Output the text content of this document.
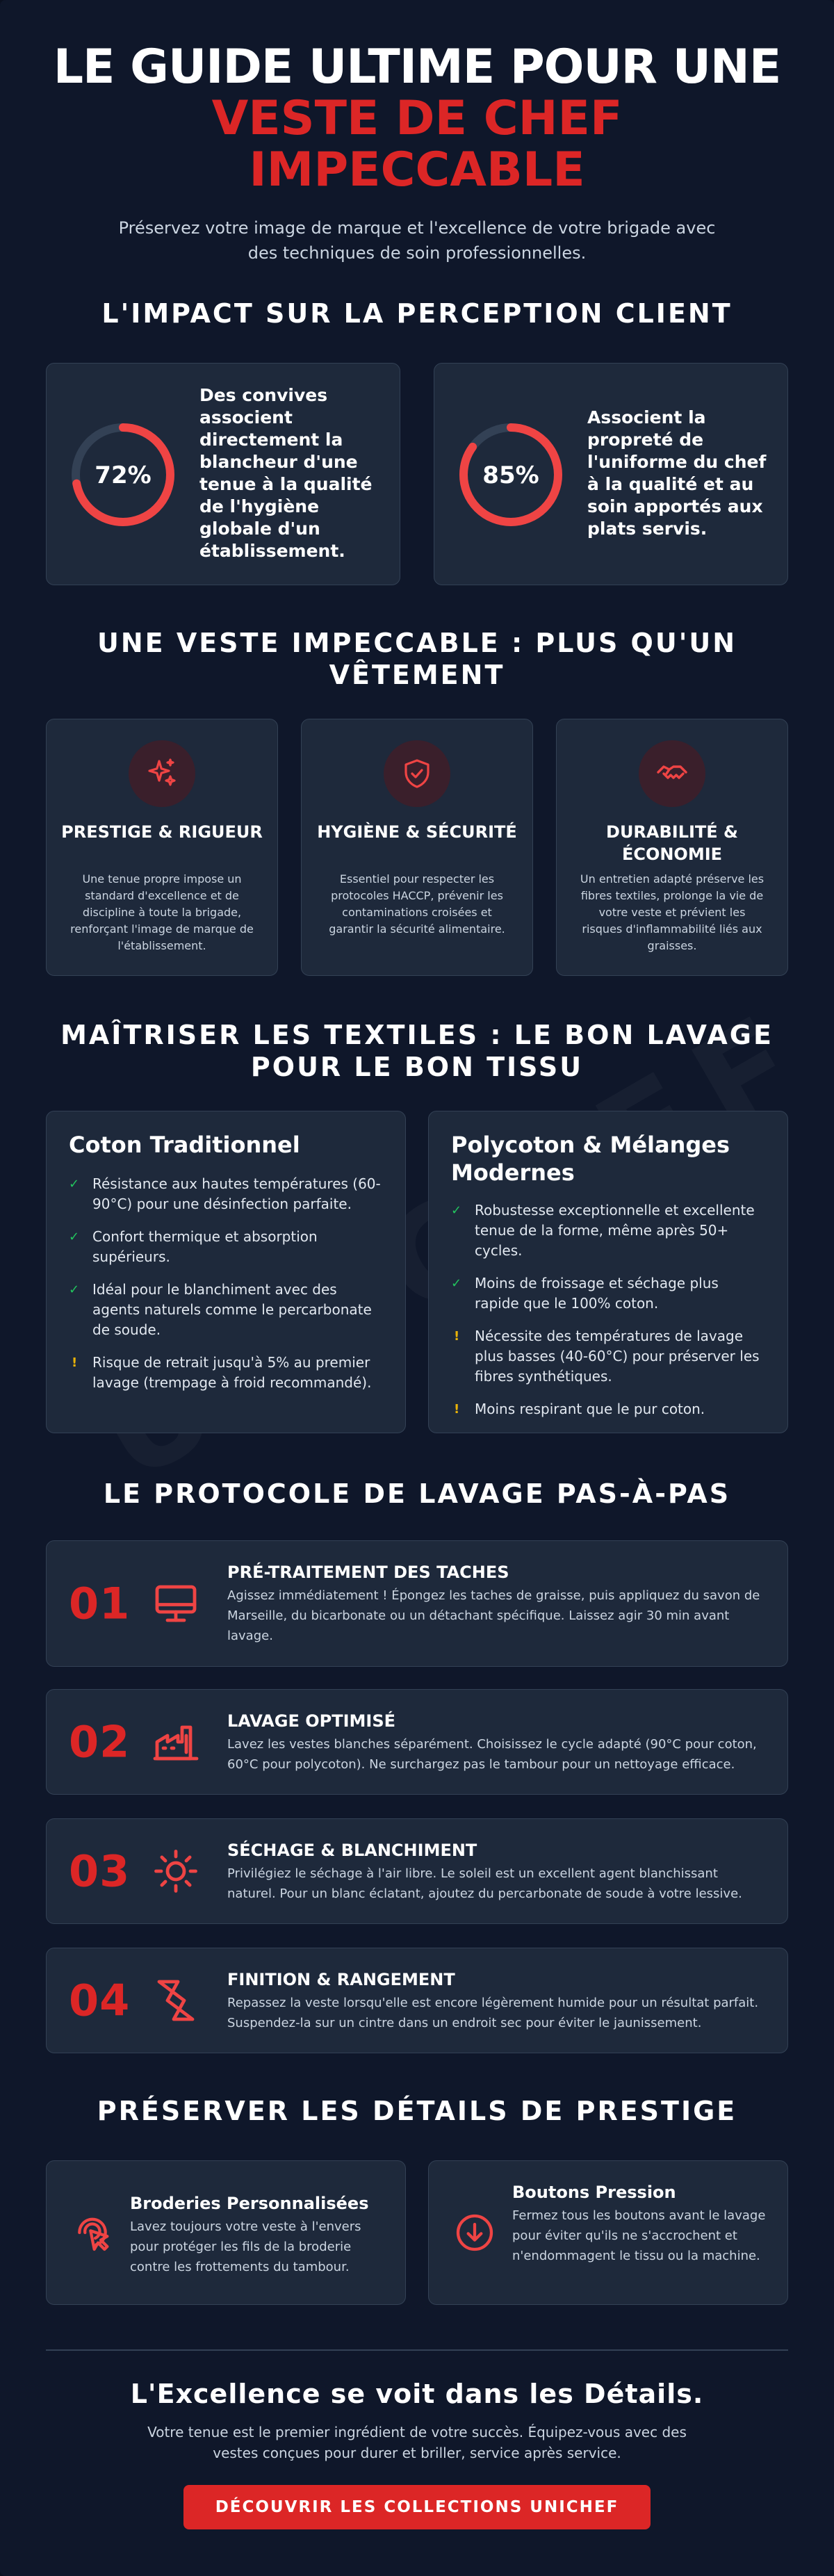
LE GUIDE ULTIME POUR UNE
VESTE DE CHEF
IMPECCABLE

Préservez votre image de marque et l'excellence de votre brigade avec des techniques de soin professionnelles.

L'IMPACT SUR LA PERCEPTION CLIENT
72%
Des convives associent directement la blancheur d'une tenue à la qualité de l'hygiène globale d'un établissement.
85%
Associent la propreté de l'uniforme du chef à la qualité et au soin apportés aux plats servis.
UNE VESTE IMPECCABLE : PLUS QU'UN VÊTEMENT
PRESTIGE & RIGUEUR
Une tenue propre impose un standard d'excellence et de discipline à toute la brigade, renforçant l'image de marque de l'établissement.
HYGIÈNE & SÉCURITÉ
Essentiel pour respecter les protocoles HACCP, prévenir les contaminations croisées et garantir la sécurité alimentaire.
DURABILITÉ & ÉCONOMIE
Un entretien adapté préserve les fibres textiles, prolonge la vie de votre veste et prévient les risques d'inflammabilité liés aux graisses.
MAÎTRISER LES TEXTILES : LE BON LAVAGE POUR LE BON TISSU
Coton Traditionnel
✓ Résistance aux hautes températures (60-90°C) pour une désinfection parfaite.
✓ Confort thermique et absorption supérieurs.
✓ Idéal pour le blanchiment avec des agents naturels comme le percarbonate de soude.
! Risque de retrait jusqu'à 5% au premier lavage (trempage à froid recommandé).
Polycoton & Mélanges Modernes
✓ Robustesse exceptionnelle et excellente tenue de la forme, même après 50+ cycles.
✓ Moins de froissage et séchage plus rapide que le 100% coton.
! Nécessite des températures de lavage plus basses (40-60°C) pour préserver les fibres synthétiques.
! Moins respirant que le pur coton.
LE PROTOCOLE DE LAVAGE PAS-À-PAS
01
PRÉ-TRAITEMENT DES TACHES
Agissez immédiatement ! Épongez les taches de graisse, puis appliquez du savon de Marseille, du bicarbonate ou un détachant spécifique. Laissez agir 30 min avant lavage.
02	LAVAGE OPTIMISÉ
Lavez les vestes blanches séparément. Choisissez le cycle adapté (90°C pour coton, 60°C pour polycoton). Ne surchargez pas le tambour pour un nettoyage efficace.
03	SÉCHAGE & BLANCHIMENT
Privilégiez le séchage à l'air libre. Le soleil est un excellent agent blanchissant naturel. Pour un blanc éclatant, ajoutez du percarbonate de soude à votre lessive.
04	FINITION & RANGEMENT
Repassez la veste lorsqu'elle est encore légèrement humide pour un résultat parfait. Suspendez-la sur un cintre dans un endroit sec pour éviter le jaunissement.
PRÉSERVER LES DÉTAILS DE PRESTIGE
Broderies Personnalisées
Lavez toujours votre veste à l'envers pour protéger les fils de la broderie contre les frottements du tambour.
Boutons Pression
Fermez tous les boutons avant le lavage pour éviter qu'ils ne s'accrochent et n'endommagent le tissu ou la machine.
L'Excellence se voit dans les Détails.
Votre tenue est le premier ingrédient de votre succès. Équipez-vous avec des vestes conçues pour durer et briller, service après service.
DÉCOUVRIR LES COLLECTIONS UNICHEF
